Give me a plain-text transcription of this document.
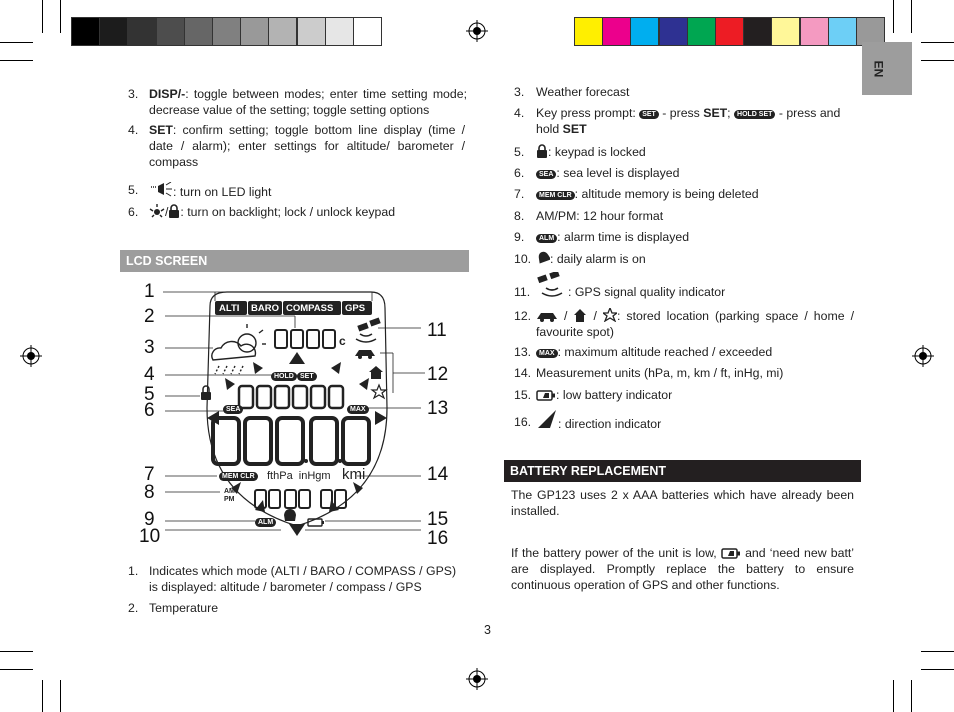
EN
3. DISP/-: toggle between modes; enter time setting mode; decrease value of the setting; toggle setting options
4. SET: confirm setting; toggle bottom line display (time / date / alarm); enter settings for altitude/ barometer / compass
5.	: turn on LED light
6.	/ : turn on backlight; lock / unlock keypad
LCD SCREEN
ALTI BARO COMPASS GPS
c
HOLD SET
SEA	MAX
MEM CLR fthPa  inHgm kmi
AM
PM
ALM
1
2
3
4
5
6
7
8
9
10
11
12
13
14
15
16
1. Indicates which mode (ALTI / BARO / COMPASS / GPS) is displayed: altitude / barometer / compass / GPS
2. Temperature
3
3. Weather forecast
4. Key press prompt: SET - press SET; HOLD SET - press and hold SET
5.	: keypad is locked
6.	SEA : sea level is displayed
7.	MEM CLR : altitude memory is being deleted
8. AM/PM: 12 hour format
9.	ALM : alarm time is displayed
10.	: daily alarm is on
11.	: GPS signal quality indicator
12.	/  / : stored location (parking space / home / favourite spot)
13.	MAX : maximum altitude reached / exceeded
14. Measurement units (hPa, m, km / ft, inHg, mi)
15.	: low battery indicator
16.	: direction indicator
BATTERY REPLACEMENT
The GP123 uses 2 x AAA batteries which have already been installed.
If the battery power of the unit is low, and ‘need new batt’ are displayed. Promptly replace the battery to ensure continuous operation of GPS and other functions.
